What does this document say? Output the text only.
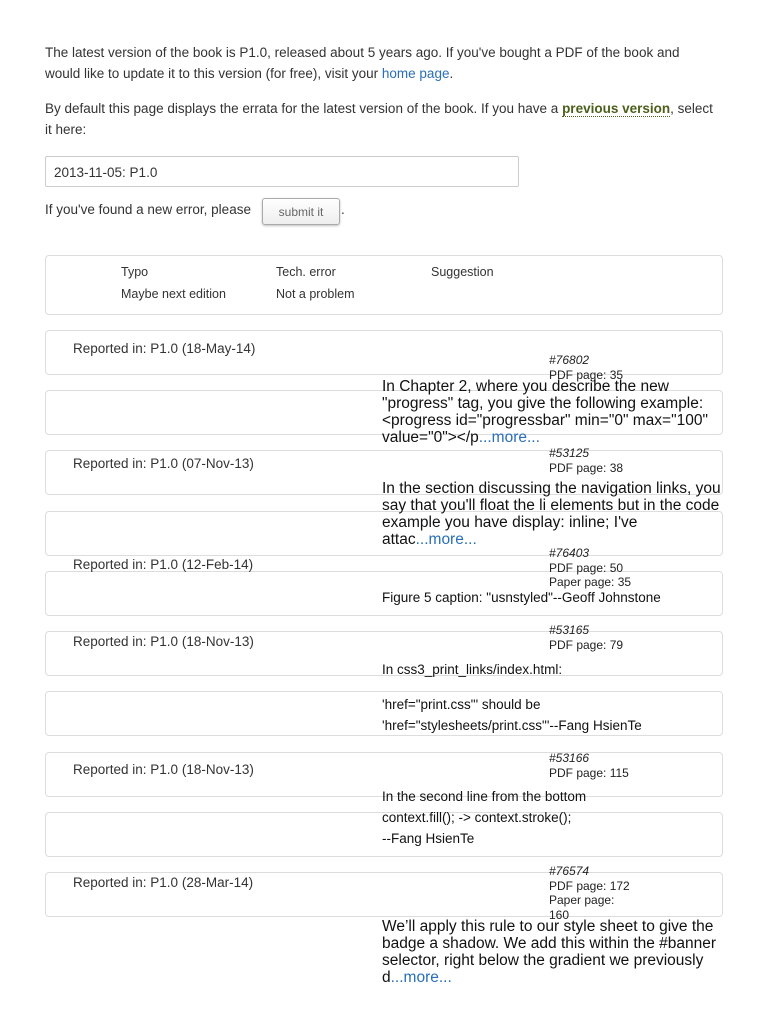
The latest version of the book is P1.0, released about 5 years ago. If you've bought a PDF of the book and would like to update it to this version (for free), visit your home page.

By default this page displays the errata for the latest version of the book. If you have a previous version, select it here:

2013-11-05: P1.0
If you've found a new error, please	submit it	.
Typo	Tech. error	Suggestion
Maybe next edition	Not a problem
Reported in: P1.0 (18-May-14)
#76802
PDF page: 35
In Chapter 2, where you describe the new "progress" tag, you give the following example: <progress id="progressbar" min="0" max="100" value="0"></p...more...
Reported in: P1.0 (07-Nov-13)
#53125
PDF page: 38
In the section discussing the navigation links, you say that you'll float the li elements but in the code example you have display: inline; I've attac...more...
Reported in: P1.0 (12-Feb-14)
#76403
PDF page: 50
Paper page: 35
Figure 5 caption: "usnstyled"--Geoff Johnstone
Reported in: P1.0 (18-Nov-13)
#53165
PDF page: 79
In css3_print_links/index.html:
'href="print.css"' should be
'href="stylesheets/print.css"'--Fang HsienTe
Reported in: P1.0 (18-Nov-13)
#53166
PDF page: 115
In the second line from the bottom
context.fill(); -> context.stroke();
--Fang HsienTe
Reported in: P1.0 (28-Mar-14)
#76574
PDF page: 172
Paper page:
160
We’ll apply this rule to our style sheet to give the badge a shadow. We add this within the #banner selector, right below the gradient we previously d...more...
